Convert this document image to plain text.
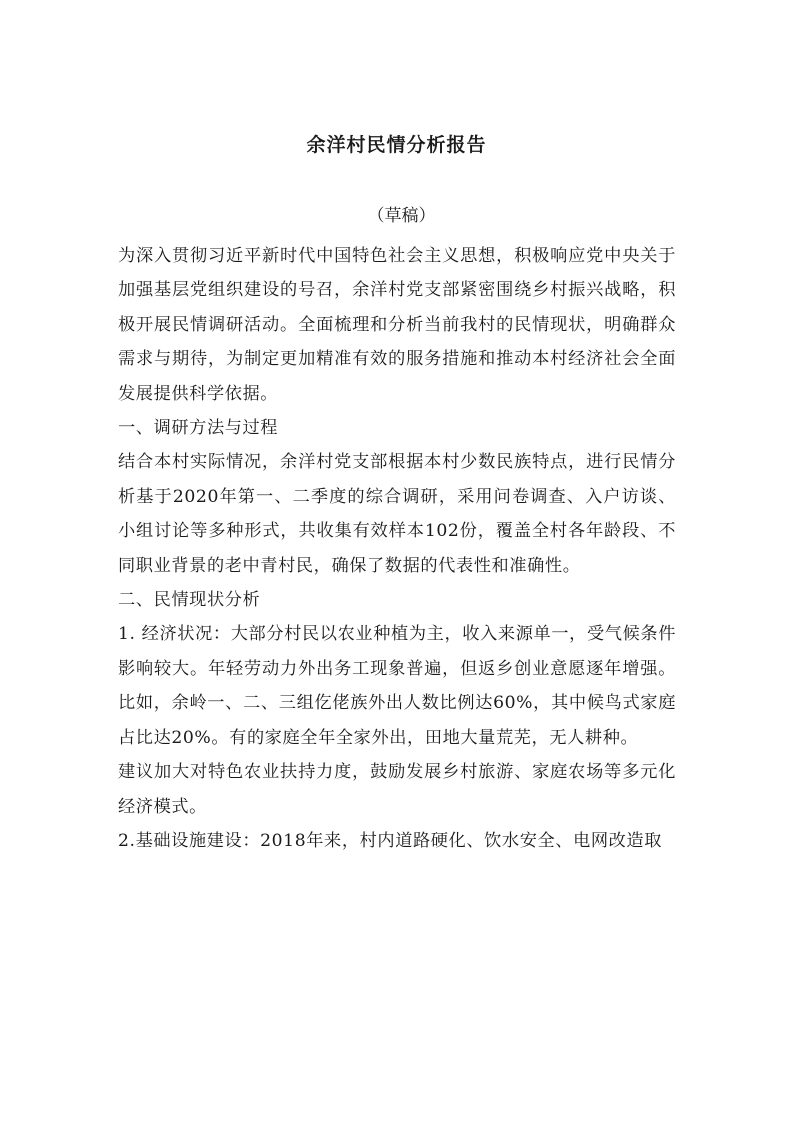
余洋村民情分析报告
（草稿）

为深入贯彻习近平新时代中国特色社会主义思想，积极响应党中央关于加强基层党组织建设的号召，余洋村党支部紧密围绕乡村振兴战略，积极开展民情调研活动。全面梳理和分析当前我村的民情现状，明确群众需求与期待，为制定更加精准有效的服务措施和推动本村经济社会全面发展提供科学依据。

一、调研方法与过程

结合本村实际情况，余洋村党支部根据本村少数民族特点，进行民情分析基于2020年第一、二季度的综合调研，采用问卷调查、入户访谈、小组讨论等多种形式，共收集有效样本102份，覆盖全村各年龄段、不同职业背景的老中青村民，确保了数据的代表性和准确性。

二、民情现状分析

1. 经济状况：大部分村民以农业种植为主，收入来源单一，受气候条件影响较大。年轻劳动力外出务工现象普遍，但返乡创业意愿逐年增强。比如，余岭一、二、三组仡佬族外出人数比例达60%，其中候鸟式家庭占比达20%。有的家庭全年全家外出，田地大量荒芜，无人耕种。

建议加大对特色农业扶持力度，鼓励发展乡村旅游、家庭农场等多元化经济模式。

2.基础设施建设：2018年来，村内道路硬化、饮水安全、电网改造取
